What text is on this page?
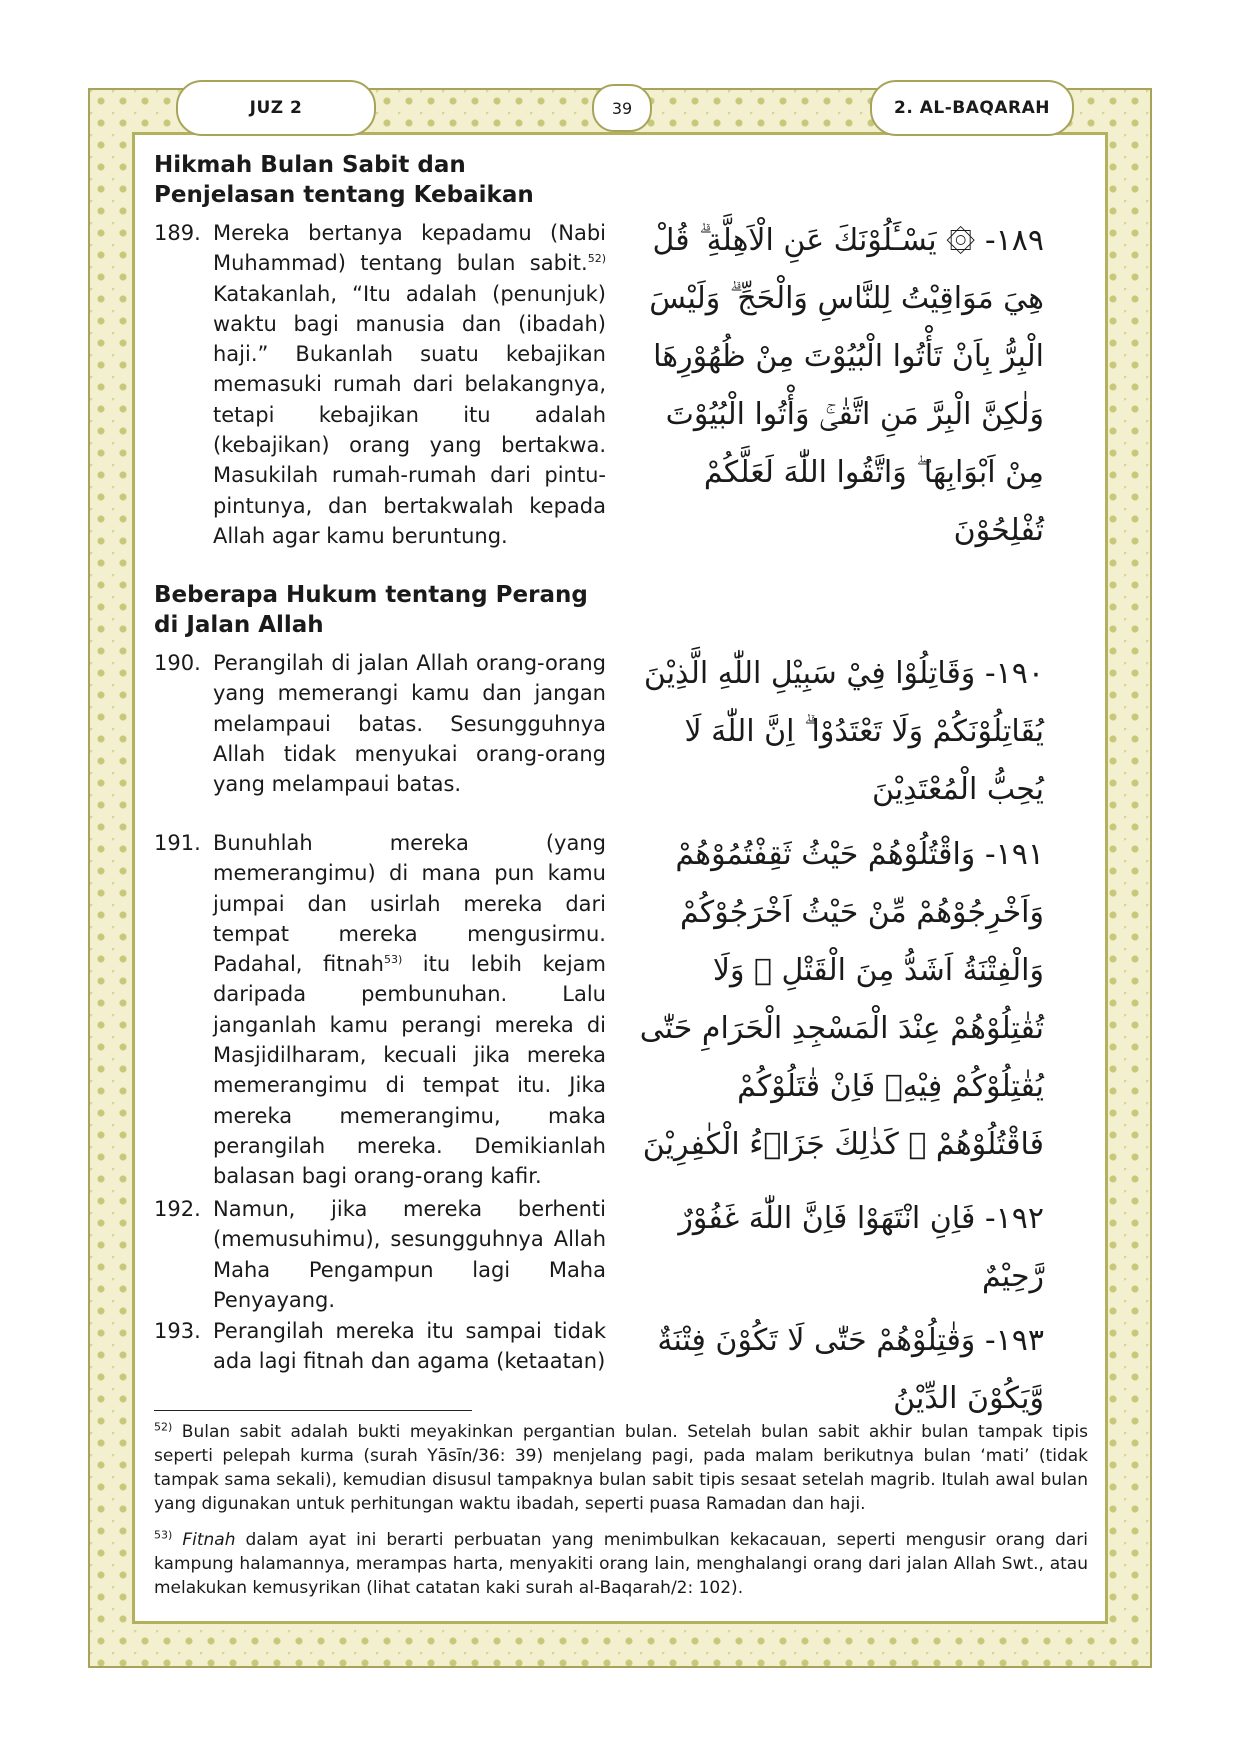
JUZ 2	39	2. AL-BAQARAH
Hikmah Bulan Sabit dan Penjelasan tentang Kebaikan
189. Mereka bertanya kepadamu (Nabi Muhammad) tentang bulan sabit.$^{52)}$ Katakanlah, “Itu adalah (penunjuk) waktu bagi manusia dan (ibadah) haji.” Bukanlah suatu kebajikan memasuki rumah dari belakangnya, tetapi kebajikan itu adalah (kebajikan) orang yang bertakwa. Masukilah rumah-rumah dari pintu-pintunya, dan bertakwalah kepada Allah agar kamu beruntung.
١٨٩- ۞ يَسْـَٔلُوْنَكَ عَنِ الْاَهِلَّةِ ۗ قُلْ هِيَ مَوَاقِيْتُ لِلنَّاسِ وَالْحَجِّ ۗ وَلَيْسَ الْبِرُّ بِاَنْ تَأْتُوا الْبُيُوْتَ مِنْ ظُهُوْرِهَا وَلٰكِنَّ الْبِرَّ مَنِ اتَّقٰىۚ وَأْتُوا الْبُيُوْتَ مِنْ اَبْوَابِهَا ۖ وَاتَّقُوا اللّٰهَ لَعَلَّكُمْ تُفْلِحُوْنَ
Beberapa Hukum tentang Perang di Jalan Allah
190. Perangilah di jalan Allah orang-orang yang memerangi kamu dan jangan melampaui batas. Sesungguhnya Allah tidak menyukai orang-orang yang melampaui batas.
١٩٠- وَقَاتِلُوْا فِيْ سَبِيْلِ اللّٰهِ الَّذِيْنَ يُقَاتِلُوْنَكُمْ وَلَا تَعْتَدُوْا ۗ اِنَّ اللّٰهَ لَا يُحِبُّ الْمُعْتَدِيْنَ
191. Bunuhlah mereka (yang memerangimu) di mana pun kamu jumpai dan usirlah mereka dari tempat mereka mengusirmu. Padahal, fitnah$^{53)}$ itu lebih kejam daripada pembunuhan. Lalu janganlah kamu perangi mereka di Masjidilharam, kecuali jika mereka memerangimu di tempat itu. Jika mereka memerangimu, maka perangilah mereka. Demikianlah balasan bagi orang-orang kafir.
١٩١- وَاقْتُلُوْهُمْ حَيْثُ ثَقِفْتُمُوْهُمْ وَاَخْرِجُوْهُمْ مِّنْ حَيْثُ اَخْرَجُوْكُمْ وَالْفِتْنَةُ اَشَدُّ مِنَ الْقَتْلِ ۚ وَلَا تُقٰتِلُوْهُمْ عِنْدَ الْمَسْجِدِ الْحَرَامِ حَتّٰى يُقٰتِلُوْكُمْ فِيْهِۚ فَاِنْ قٰتَلُوْكُمْ فَاقْتُلُوْهُمْ ۗ كَذٰلِكَ جَزَاۤءُ الْكٰفِرِيْنَ
192. Namun, jika mereka berhenti (memusuhimu), sesungguhnya Allah Maha Pengampun lagi Maha Penyayang.
١٩٢- فَاِنِ انْتَهَوْا فَاِنَّ اللّٰهَ غَفُوْرٌ رَّحِيْمٌ
193. Perangilah mereka itu sampai tidak ada lagi fitnah dan agama (ketaatan)
١٩٣- وَقٰتِلُوْهُمْ حَتّٰى لَا تَكُوْنَ فِتْنَةٌ وَّيَكُوْنَ الدِّيْنُ
$^{52)}$ Bulan sabit adalah bukti meyakinkan pergantian bulan. Setelah bulan sabit akhir bulan tampak tipis seperti pelepah kurma (surah Yāsīn/36: 39) menjelang pagi, pada malam berikutnya bulan ‘mati’ (tidak tampak sama sekali), kemudian disusul tampaknya bulan sabit tipis sesaat setelah magrib. Itulah awal bulan yang digunakan untuk perhitungan waktu ibadah, seperti puasa Ramadan dan haji.
$^{53)}$ Fitnah dalam ayat ini berarti perbuatan yang menimbulkan kekacauan, seperti mengusir orang dari kampung halamannya, merampas harta, menyakiti orang lain, menghalangi orang dari jalan Allah Swt., atau melakukan kemusyrikan (lihat catatan kaki surah al-Baqarah/2: 102).
